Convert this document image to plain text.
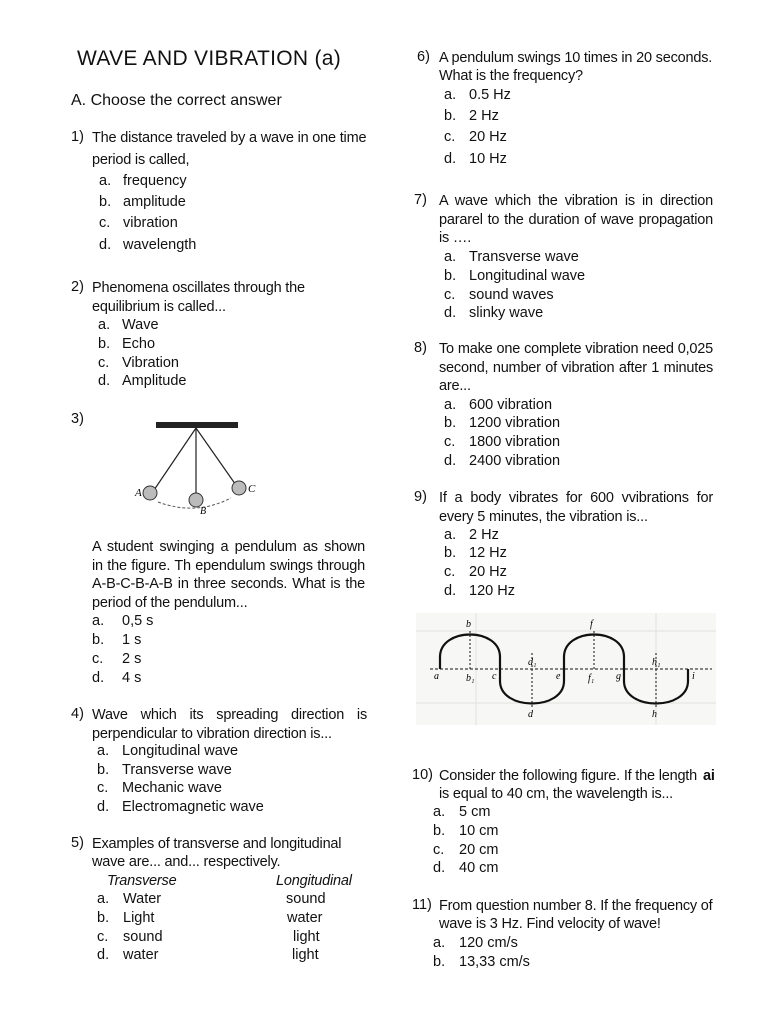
WAVE AND VIBRATION (a)
A. Choose the correct answer
1) The distance traveled by a wave in one time
period is called,
a. frequency
b. amplitude
c. vibration
d. wavelength
2) Phenomena oscillates through the
equilibrium is called...
a. Wave
b. Echo
c. Vibration
d. Amplitude
3)
A
B
C
A student swinging a pendulum as shown in the figure. Th ependulum swings through A-B-C-B-A-B in three seconds. What is the period of the pendulum...
a. 0,5 s
b. 1 s
c. 2 s
d. 4 s
4) Wave which its spreading direction is perpendicular to vibration direction is...
a. Longitudinal wave
b. Transverse wave
c. Mechanic wave
d. Electromagnetic wave
5) Examples of transverse and longitudinal
wave are... and... respectively.
Transverse	Longitudinal
a. Water	sound
b. Light	water
c. sound	light
d. water	light
6) A pendulum swings 10 times in 20 seconds.
What is the frequency?
a. 0.5 Hz
b. 2 Hz
c. 20 Hz
d. 10 Hz
7) A wave which the vibration is in direction pararel to the duration of wave propagation is ….
a. Transverse wave
b. Longitudinal wave
c. sound waves
d. slinky wave
8) To make one complete vibration need 0,025 second, number of vibration after 1 minutes are...
a. 600 vibration
b. 1200 vibration
c. 1800 vibration
d. 2400 vibration
9) If a body vibrates for 600 vvibrations for every 5 minutes, the vibration is...
a. 2 Hz
b. 12 Hz
c. 20 Hz
d. 120 Hz
a
b
b₁ c
d₁
d
e
f
f₁ g
h₁
h
i
10) Consider the following figure. If the length ai
is equal to 40 cm, the wavelength is...
a. 5 cm
b. 10 cm
c. 20 cm
d. 40 cm
11) From question number 8. If the frequency of
wave is 3 Hz. Find velocity of wave!
a. 120 cm/s
b. 13,33 cm/s
